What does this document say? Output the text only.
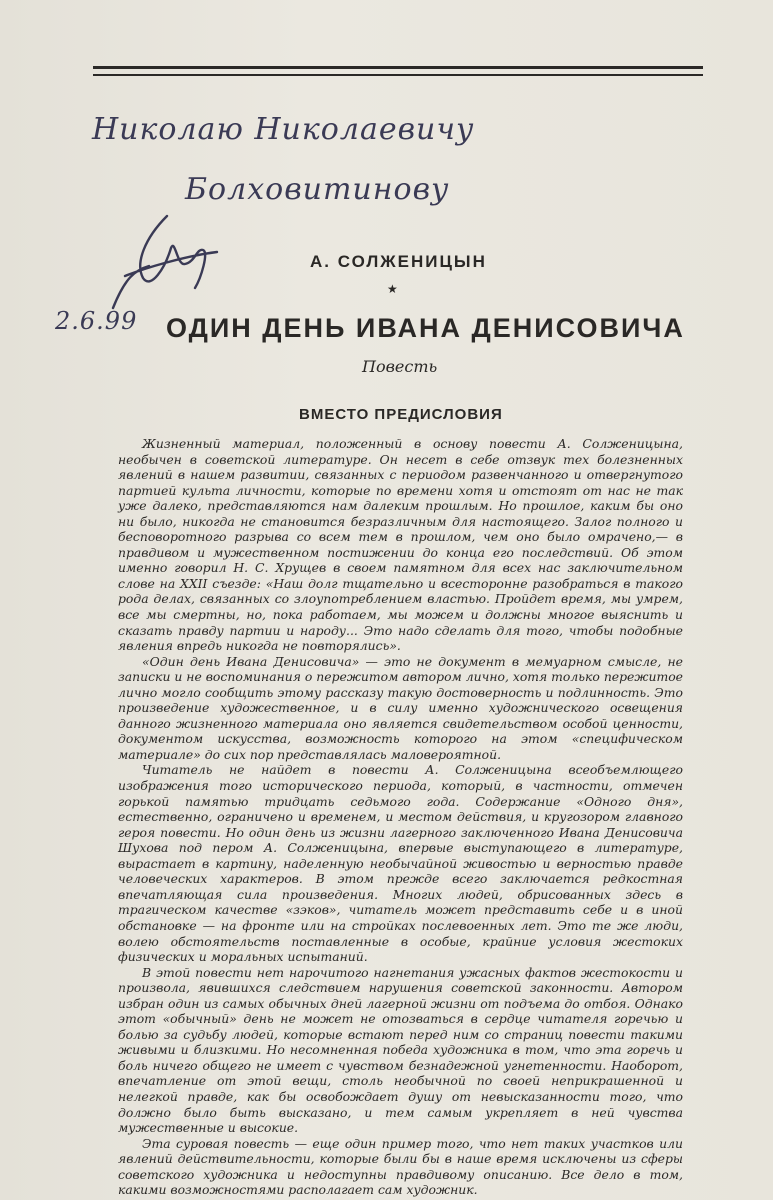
Николаю Николаевичу
Болховитинову
2.6.99
А. СОЛЖЕНИЦЫН
★
ОДИН ДЕНЬ ИВАНА ДЕНИСОВИЧА
Повесть
ВМЕСТО ПРЕДИСЛОВИЯ

Жизненный материал, положенный в основу повести А. Солженицына, необычен в советской литературе. Он несет в себе отзвук тех болезненных явлений в нашем развитии, связанных с периодом развенчанного и отвергнутого партией культа личности, которые по времени хотя и отстоят от нас не так уже далеко, представляются нам далеким прошлым. Но прошлое, каким бы оно ни было, никогда не становится безразличным для настоящего. Залог полного и бесповоротного разрыва со всем тем в прошлом, чем оно было омрачено,— в правдивом и мужественном постижении до конца его последствий. Об этом именно говорил Н. С. Хрущев в своем памятном для всех нас заключительном слове на XXII съезде: «Наш долг тщательно и всесторонне разобраться в такого рода делах, связанных со злоупотреблением властью. Пройдет время, мы умрем, все мы смертны, но, пока работаем, мы можем и должны многое выяснить и сказать правду партии и народу... Это надо сделать для того, чтобы подобные явления впредь никогда не повторялись».

«Один день Ивана Денисовича» — это не документ в мемуарном смысле, не записки и не воспоминания о пережитом автором лично, хотя только пережитое лично могло сообщить этому рассказу такую достоверность и подлинность. Это произведение художественное, и в силу именно художнического освещения данного жизненного материала оно является свидетельством особой ценности, документом искусства, возможность которого на этом «специфическом материале» до сих пор представлялась маловероятной.

Читатель не найдет в повести А. Солженицына всеобъемлющего изображения того исторического периода, который, в частности, отмечен горькой памятью тридцать седьмого года. Содержание «Одного дня», естественно, ограничено и временем, и местом действия, и кругозором главного героя повести. Но один день из жизни лагерного заключенного Ивана Денисовича Шухова под пером А. Солженицына, впервые выступающего в литературе, вырастает в картину, наделенную необычайной живостью и верностью правде человеческих характеров. В этом прежде всего заключается редкостная впечатляющая сила произведения. Многих людей, обрисованных здесь в трагическом качестве «зэков», читатель может представить себе и в иной обстановке — на фронте или на стройках послевоенных лет. Это те же люди, волею обстоятельств поставленные в особые, крайние условия жестоких физических и моральных испытаний.

В этой повести нет нарочитого нагнетания ужасных фактов жестокости и произвола, явившихся следствием нарушения советской законности. Автором избран один из самых обычных дней лагерной жизни от подъема до отбоя. Однако этот «обычный» день не может не отозваться в сердце читателя горечью и болью за судьбу людей, которые встают перед ним со страниц повести такими живыми и близкими. Но несомненная победа художника в том, что эта горечь и боль ничего общего не имеет с чувством безнадежной угнетенности. Наоборот, впечатление от этой вещи, столь необычной по своей неприкрашенной и нелегкой правде, как бы освобождает душу от невысказанности того, что должно было быть высказано, и тем самым укрепляет в ней чувства мужественные и высокие.

Эта суровая повесть — еще один пример того, что нет таких участков или явлений действительности, которые были бы в наше время исключены из сферы советского художника и недоступны правдивому описанию. Все дело в том, какими возможностями располагает сам художник.
